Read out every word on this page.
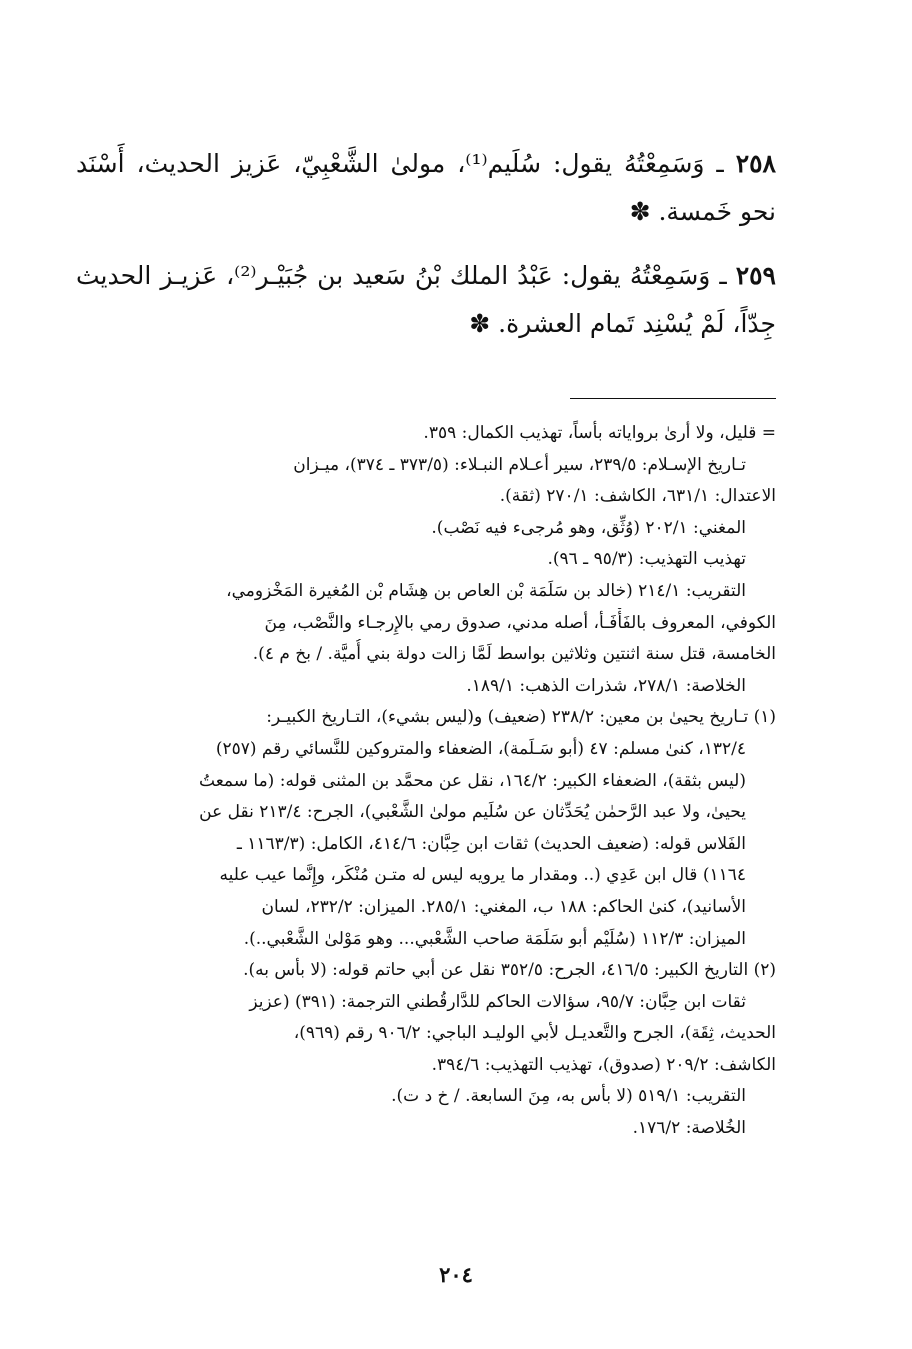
٢٥٨ ـ وَسَمِعْتُهُ يقول: سُلَيم⁽¹⁾، مولىٰ الشَّعْبِيّ، عَزيز الحديث، أَسْنَد نحو خَمسة. ✽

٢٥٩ ـ وَسَمِعْتُهُ يقول: عَبْدُ الملك بْنُ سَعيد بن جُبَيْـر⁽²⁾، عَزيـز الحديث جِدّاً، لَمْ يُسْنِد تَمام العشرة. ✽

= قليل، ولا أرىٰ برواياته بأساً، تهذيب الكمال: ٣٥٩.
تـاريخ الإسـلام: ٢٣٩/٥، سير أعـلام النبـلاء: (٣٧٣/٥ ـ ٣٧٤)، ميـزان
الاعتدال: ٦٣١/١، الكاشف: ٢٧٠/١ (ثقة).
المغني: ٢٠٢/١ (وُثِّق، وهو مُرجىء فيه نَصْب).
تهذيب التهذيب: (٩٥/٣ ـ ٩٦).
التقريب: ٢١٤/١ (خالد بن سَلَمَة بْن العاص بن هِشَام بْن المُغيرة المَخْزومي،
الكوفي، المعروف بالفَأْفَـأ، أصله مدني، صدوق رمي بالإِرجـاء والنَّصْب، مِنَ
الخامسة، قتل سنة اثنتين وثلاثين بواسط لَمَّا زالت دولة بني أُميَّة. / بخ م ٤).
الخلاصة: ٢٧٨/١، شذرات الذهب: ١٨٩/١.
(١) تـاريخ يحيىٰ بن معين: ٢٣٨/٢ (ضعيف) و(ليس بشيء)، التـاريخ الكبيـر:
١٣٢/٤، كنىٰ مسلم: ٤٧ (أبو سَـلَمة)، الضعفاء والمتروكين للنَّسائي رقم (٢٥٧)
(ليس بثقة)، الضعفاء الكبير: ١٦٤/٢، نقل عن محمَّد بن المثنى قوله: (ما سمعتُ
يحيىٰ، ولا عبد الرَّحمٰن يُحَدِّثان عن سُلَيم مولىٰ الشَّعْبي)، الجرح: ٢١٣/٤ نقل عن
الفَلاس قوله: (ضعيف الحديث) ثقات ابن حِبَّان: ٤١٤/٦، الكامل: (١١٦٣/٣ ـ
١١٦٤) قال ابن عَدِي (.. ومقدار ما يرويه ليس له متـن مُنْكَر، وإِنَّما عيب عليه
الأسانيد)، كنىٰ الحاكم: ١٨٨ ب، المغني: ٢٨٥/١. الميزان: ٢٣٢/٢، لسان
الميزان: ١١٢/٣ (سُلَيْم أبو سَلَمَة صاحب الشَّعْبي... وهو مَوْلىٰ الشَّعْبي..).
(٢) التاريخ الكبير: ٤١٦/٥، الجرح: ٣٥٢/٥ نقل عن أبي حاتم قوله: (لا بأس به).
ثقات ابن حِبَّان: ٩٥/٧، سؤالات الحاكم للدَّارقُطني الترجمة: (٣٩١) (عزيز
الحديث، ثِقَة)، الجرح والتَّعديـل لأبي الوليـد الباجي: ٩٠٦/٢ رقم (٩٦٩)،
الكاشف: ٢٠٩/٢ (صدوق)، تهذيب التهذيب: ٣٩٤/٦.
التقريب: ٥١٩/١ (لا بأس به، مِنَ السابعة. / خ د ت).
الخُلاصة: ١٧٦/٢.
٢٠٤
